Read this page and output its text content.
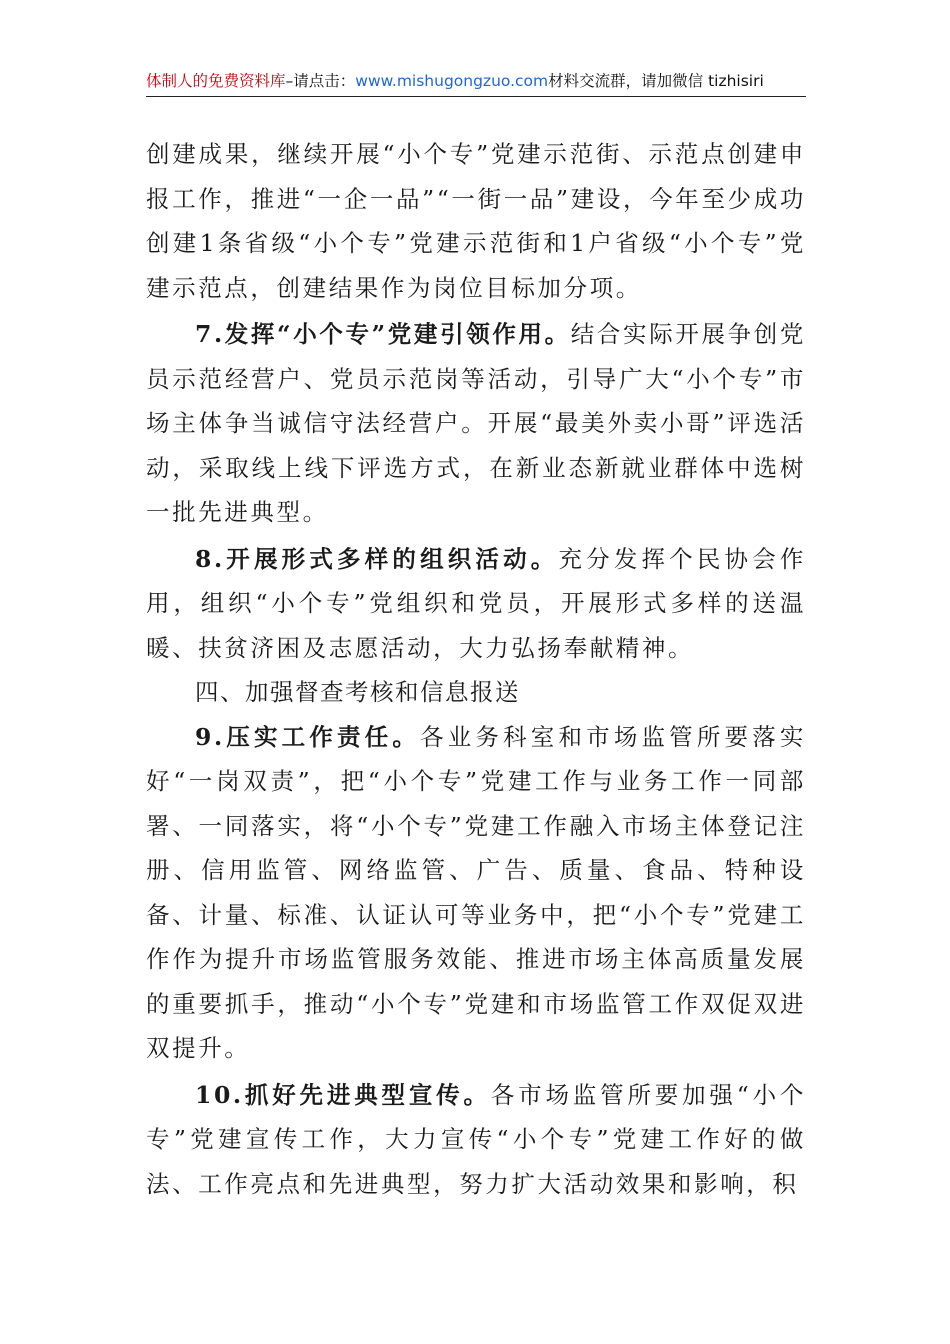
体制人的免费资料库–请点击：www.mishugongzuo.com材料交流群，请加微信 tizhisiri

创建成果，继续开展“小个专”党建示范街、示范点创建申报工作，推进“一企一品”“一街一品”建设，今年至少成功创建1条省级“小个专”党建示范街和1户省级“小个专”党建示范点，创建结果作为岗位目标加分项。

7.发挥“小个专”党建引领作用。结合实际开展争创党员示范经营户、党员示范岗等活动，引导广大“小个专”市场主体争当诚信守法经营户。开展“最美外卖小哥”评选活动，采取线上线下评选方式，在新业态新就业群体中选树一批先进典型。

8.开展形式多样的组织活动。充分发挥个民协会作用，组织“小个专”党组织和党员，开展形式多样的送温暖、扶贫济困及志愿活动，大力弘扬奉献精神。

四、加强督查考核和信息报送

9.压实工作责任。各业务科室和市场监管所要落实好“一岗双责”，把“小个专”党建工作与业务工作一同部署、一同落实，将“小个专”党建工作融入市场主体登记注册、信用监管、网络监管、广告、质量、食品、特种设备、计量、标准、认证认可等业务中，把“小个专”党建工作作为提升市场监管服务效能、推进市场主体高质量发展的重要抓手，推动“小个专”党建和市场监管工作双促双进双提升。

10.抓好先进典型宣传。各市场监管所要加强“小个专”党建宣传工作，大力宣传“小个专”党建工作好的做法、工作亮点和先进典型，努力扩大活动效果和影响，积
